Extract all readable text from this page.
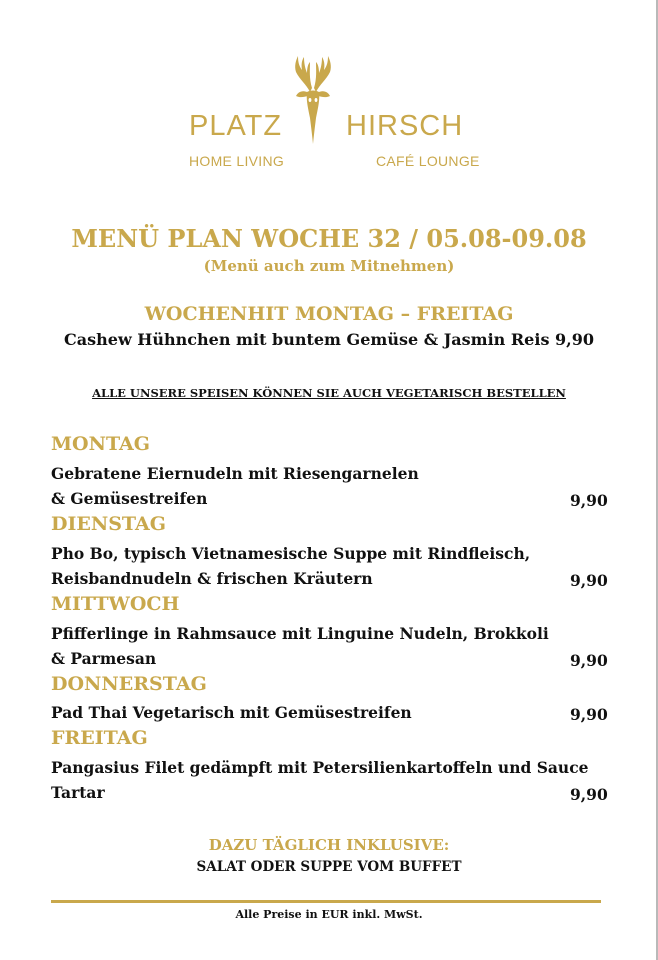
PLATZ HIRSCH
HOME LIVING	CAFÉ LOUNGE
MENÜ PLAN WOCHE 32 / 05.08-09.08
(Menü auch zum Mitnehmen)
WOCHENHIT MONTAG – FREITAG
Cashew Hühnchen mit buntem Gemüse & Jasmin Reis 9,90
ALLE UNSERE SPEISEN KÖNNEN SIE AUCH VEGETARISCH BESTELLEN
MONTAG
Gebratene Eiernudeln mit Riesengarnelen
& Gemüsestreifen	9,90
DIENSTAG
Pho Bo, typisch Vietnamesische Suppe mit Rindfleisch,
Reisbandnudeln & frischen Kräutern	9,90
MITTWOCH
Pfifferlinge in Rahmsauce mit Linguine Nudeln, Brokkoli
& Parmesan	9,90
DONNERSTAG
Pad Thai Vegetarisch mit Gemüsestreifen	9,90
FREITAG
Pangasius Filet gedämpft mit Petersilienkartoffeln und Sauce
Tartar	9,90
DAZU TÄGLICH INKLUSIVE:
SALAT ODER SUPPE VOM BUFFET
Alle Preise in EUR inkl. MwSt.
